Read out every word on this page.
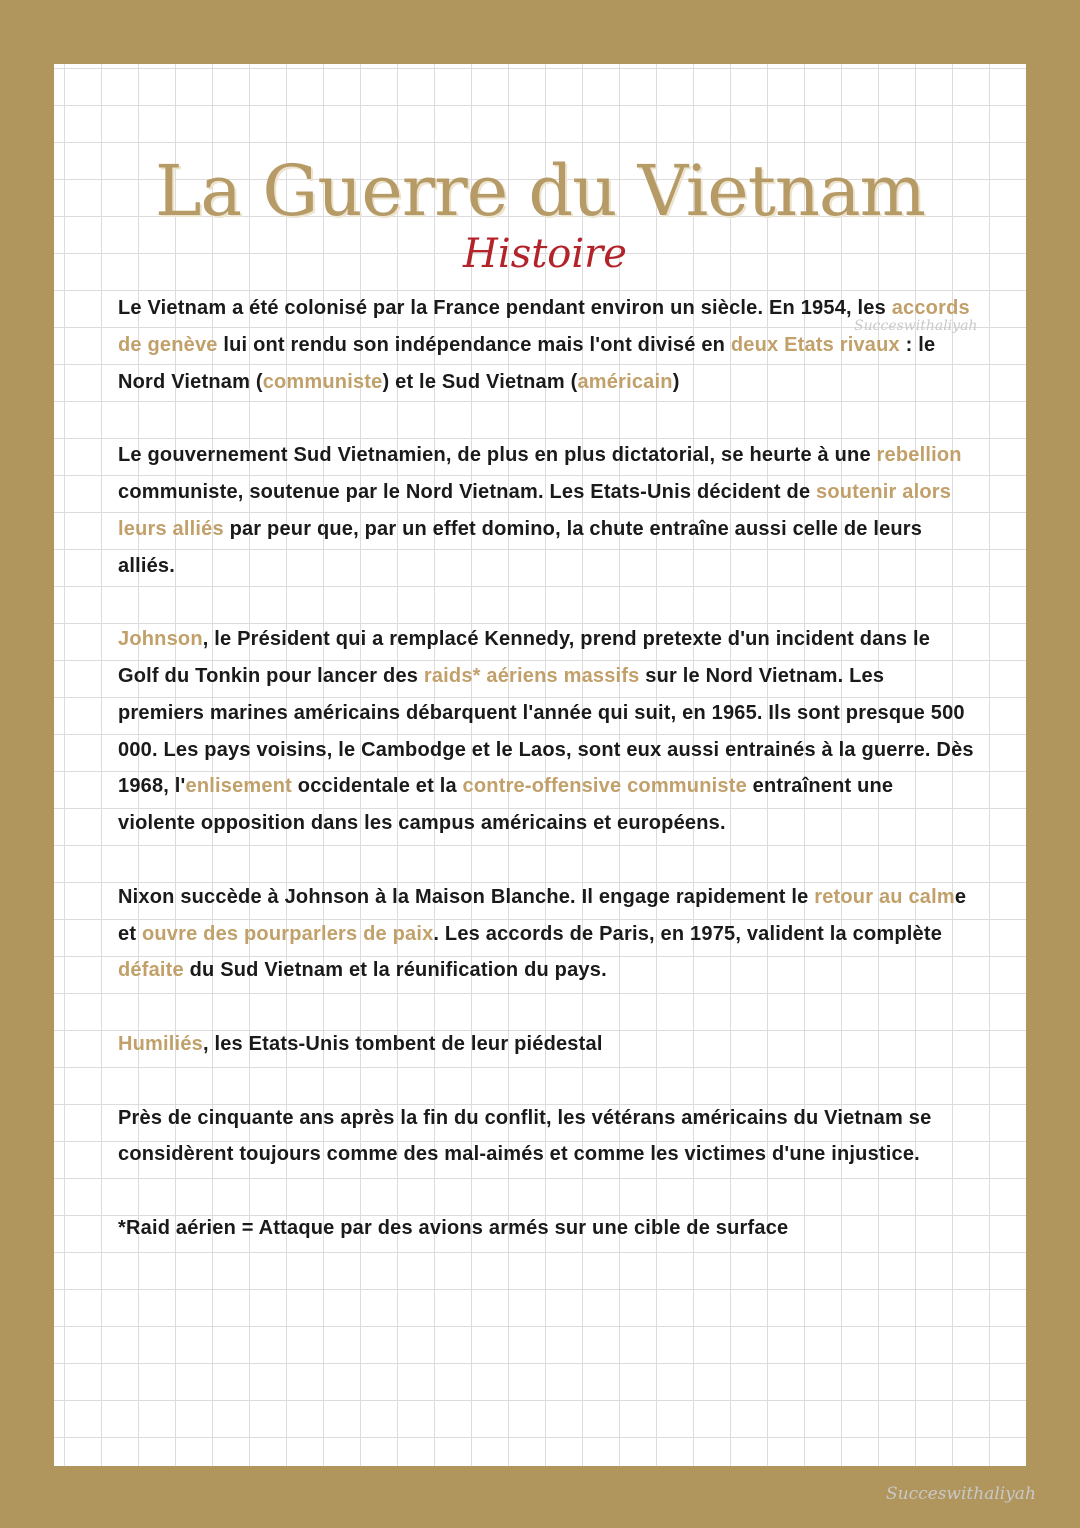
La Guerre du Vietnam
Histoire
Succeswithaliyah
Succeswithaliyah

Le Vietnam a été colonisé par la France pendant environ un siècle. En 1954, les accords de genève lui ont rendu son indépendance mais l'ont divisé en deux Etats rivaux : le Nord Vietnam (communiste) et le Sud Vietnam (américain)

Le gouvernement Sud Vietnamien, de plus en plus dictatorial, se heurte à une rebellion communiste, soutenue par le Nord Vietnam. Les Etats-Unis décident de soutenir alors leurs alliés par peur que, par un effet domino, la chute entraîne aussi celle de leurs alliés.

Johnson, le Président qui a remplacé Kennedy, prend pretexte d'un incident dans le Golf du Tonkin pour lancer des raids* aériens massifs sur le Nord Vietnam. Les premiers marines américains débarquent l'année qui suit, en 1965. Ils sont presque 500 000. Les pays voisins, le Cambodge et le Laos, sont eux aussi entrainés à la guerre. Dès 1968, l'enlisement occidentale et la contre-offensive communiste entraînent une violente opposition dans les campus américains et européens.

Nixon succède à Johnson à la Maison Blanche. Il engage rapidement le retour au calme et ouvre des pourparlers de paix. Les accords de Paris, en 1975, valident la complète défaite du Sud Vietnam et la réunification du pays.

Humiliés, les Etats-Unis tombent de leur piédestal

Près de cinquante ans après la fin du conflit, les vétérans américains du Vietnam se considèrent toujours comme des mal-aimés et comme les victimes d'une injustice.

*Raid aérien = Attaque par des avions armés sur une cible de surface
